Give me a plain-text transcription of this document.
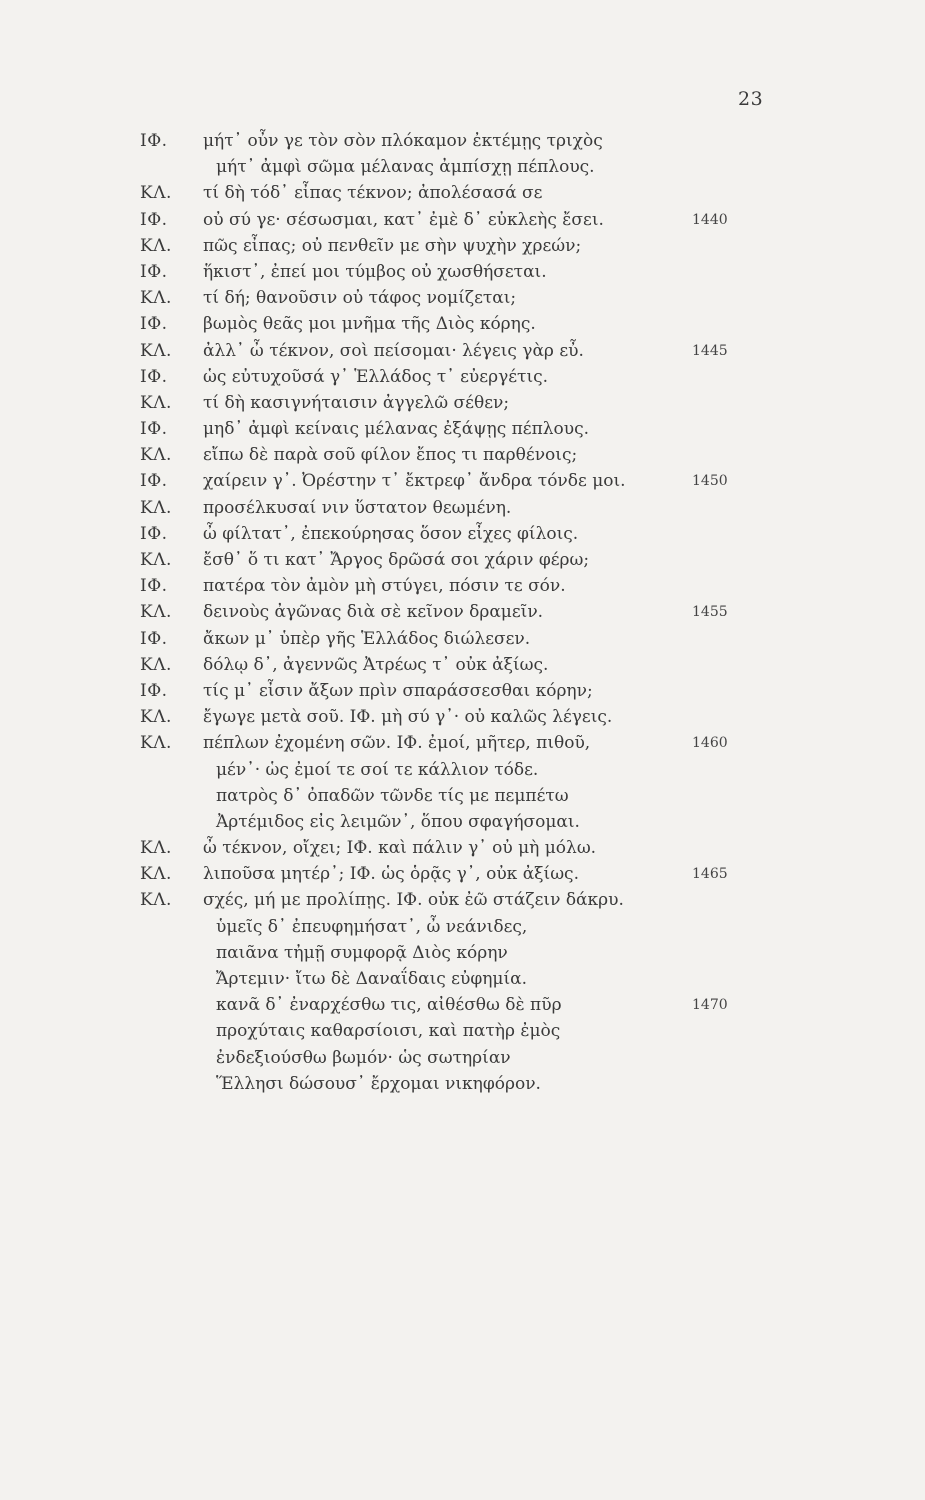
23
ΙΦ. μήτ᾽ οὖν γε τὸν σὸν πλόκαμον ἐκτέμῃς τριχὸς
μήτ᾽ ἀμφὶ σῶμα μέλανας ἀμπίσχῃ πέπλους.
ΚΛ. τί δὴ τόδ᾽ εἶπας τέκνον; ἀπολέσασά σε
ΙΦ. οὐ σύ γε· σέσωσμαι, κατ᾽ ἐμὲ δ᾽ εὐκλεὴς ἔσει.	1440
ΚΛ. πῶς εἶπας; οὐ πενθεῖν με σὴν ψυχὴν χρεών;
ΙΦ. ἥκιστ᾽, ἐπεί μοι τύμβος οὐ χωσθήσεται.
ΚΛ. τί δή; θανοῦσιν οὐ τάφος νομίζεται;
ΙΦ. βωμὸς θεᾶς μοι μνῆμα τῆς Διὸς κόρης.
ΚΛ. ἀλλ᾽ ὦ τέκνον, σοὶ πείσομαι· λέγεις γὰρ εὖ.	1445
ΙΦ. ὡς εὐτυχοῦσά γ᾽ Ἑλλάδος τ᾽ εὐεργέτις.
ΚΛ. τί δὴ κασιγνήταισιν ἀγγελῶ σέθεν;
ΙΦ. μηδ᾽ ἀμφὶ κείναις μέλανας ἐξάψῃς πέπλους.
ΚΛ. εἴπω δὲ παρὰ σοῦ φίλον ἔπος τι παρθένοις;
ΙΦ. χαίρειν γ᾽. Ὀρέστην τ᾽ ἔκτρεφ᾽ ἄνδρα τόνδε μοι.	1450
ΚΛ. προσέλκυσαί νιν ὕστατον θεωμένη.
ΙΦ. ὦ φίλτατ᾽, ἐπεκούρησας ὅσον εἶχες φίλοις.
ΚΛ. ἔσθ᾽ ὅ τι κατ᾽ Ἄργος δρῶσά σοι χάριν φέρω;
ΙΦ. πατέρα τὸν ἀμὸν μὴ στύγει, πόσιν τε σόν.
ΚΛ. δεινοὺς ἀγῶνας διὰ σὲ κεῖνον δραμεῖν.	1455
ΙΦ. ἄκων μ᾽ ὑπὲρ γῆς Ἑλλάδος διώλεσεν.
ΚΛ. δόλῳ δ᾽, ἀγεννῶς Ἀτρέως τ᾽ οὐκ ἀξίως.
ΙΦ. τίς μ᾽ εἶσιν ἄξων πρὶν σπαράσσεσθαι κόρην;
ΚΛ. ἔγωγε μετὰ σοῦ. ΙΦ. μὴ σύ γ᾽· οὐ καλῶς λέγεις.
ΚΛ. πέπλων ἐχομένη σῶν. ΙΦ. ἐμοί, μῆτερ, πιθοῦ,	1460
μέν᾽· ὡς ἐμοί τε σοί τε κάλλιον τόδε.
πατρὸς δ᾽ ὀπαδῶν τῶνδε τίς με πεμπέτω
Ἀρτέμιδος εἰς λειμῶν᾽, ὅπου σφαγήσομαι.
ΚΛ. ὦ τέκνον, οἴχει; ΙΦ. καὶ πάλιν γ᾽ οὐ μὴ μόλω.
ΚΛ. λιποῦσα μητέρ᾽; ΙΦ. ὡς ὁρᾷς γ᾽, οὐκ ἀξίως.	1465
ΚΛ. σχές, μή με προλίπῃς. ΙΦ. οὐκ ἐῶ στάζειν δάκρυ.
ὑμεῖς δ᾽ ἐπευφημήσατ᾽, ὦ νεάνιδες,
παιᾶνα τἠμῇ συμφορᾷ Διὸς κόρην
Ἄρτεμιν· ἴτω δὲ Δαναΐδαις εὐφημία.
κανᾶ δ᾽ ἐναρχέσθω τις, αἰθέσθω δὲ πῦρ	1470
προχύταις καθαρσίοισι, καὶ πατὴρ ἐμὸς
ἐνδεξιούσθω βωμόν· ὡς σωτηρίαν
Ἕλλησι δώσουσ᾽ ἔρχομαι νικηφόρον.
